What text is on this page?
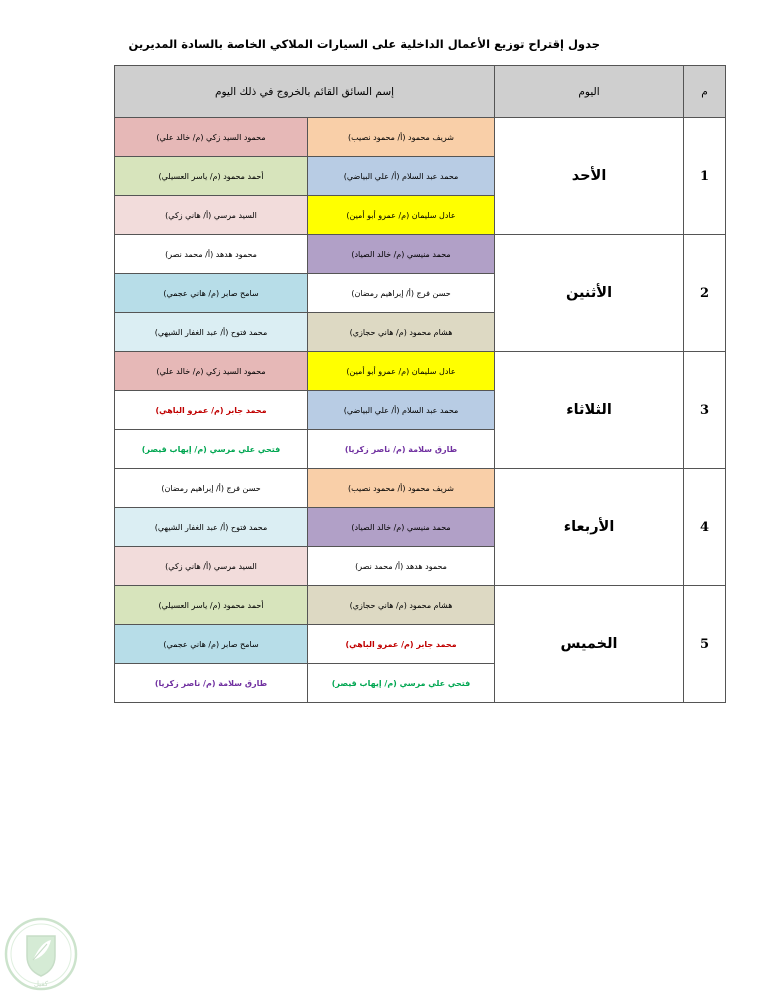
جدول إقتراح توزيع الأعمال الداخلية على السيارات الملاكي الخاصة بالسادة المديرين
م	اليوم	إسم السائق القائم بالخروج في ذلك اليوم	
1	الأحد	شريف محمود (أ/ محمود نصيب)	محمود السيد زكي (م/ خالد علي)
		محمد عبد السلام (أ/ علي البياضي)	أحمد محمود (م/ ياسر العسيلي)
		عادل سليمان (م/ عمرو أبو أمين)	السيد مرسي (أ/ هاني زكي)
2	الأثنين	محمد منيسي (م/ خالد الصياد)	محمود هدهد (أ/ محمد نصر)
		حسن فرج (أ/ إبراهيم رمضان)	سامح صابر (م/ هاني عجمي)
		هشام محمود (م/ هاني حجازي)	محمد فتوح (أ/ عبد الغفار الشيهي)
3	الثلاثاء	عادل سليمان (م/ عمرو أبو أمين)	محمود السيد زكي (م/ خالد علي)
		محمد عبد السلام (أ/ علي البياضي)	محمد جابر (م/ عمرو الباهي)
		طارق سلامة (م/ ناصر زكريا)	فتحي علي مرسي (م/ إيهاب قيصر)
4	الأربعاء	شريف محمود (أ/ محمود نصيب)	حسن فرج (أ/ إبراهيم رمضان)
		محمد منيسي (م/ خالد الصياد)	محمد فتوح (أ/ عبد الغفار الشيهي)
		محمود هدهد (أ/ محمد نصر)	السيد مرسي (أ/ هاني زكي)
5	الخميس	هشام محمود (م/ هاني حجازي)	أحمد محمود (م/ ياسر العسيلي)
		محمد جابر (م/ عمرو الباهي)	سامح صابر (م/ هاني عجمي)
		فتحي علي مرسي (م/ إيهاب قيصر)	طارق سلامة (م/ ناصر زكريا)
كفيل
